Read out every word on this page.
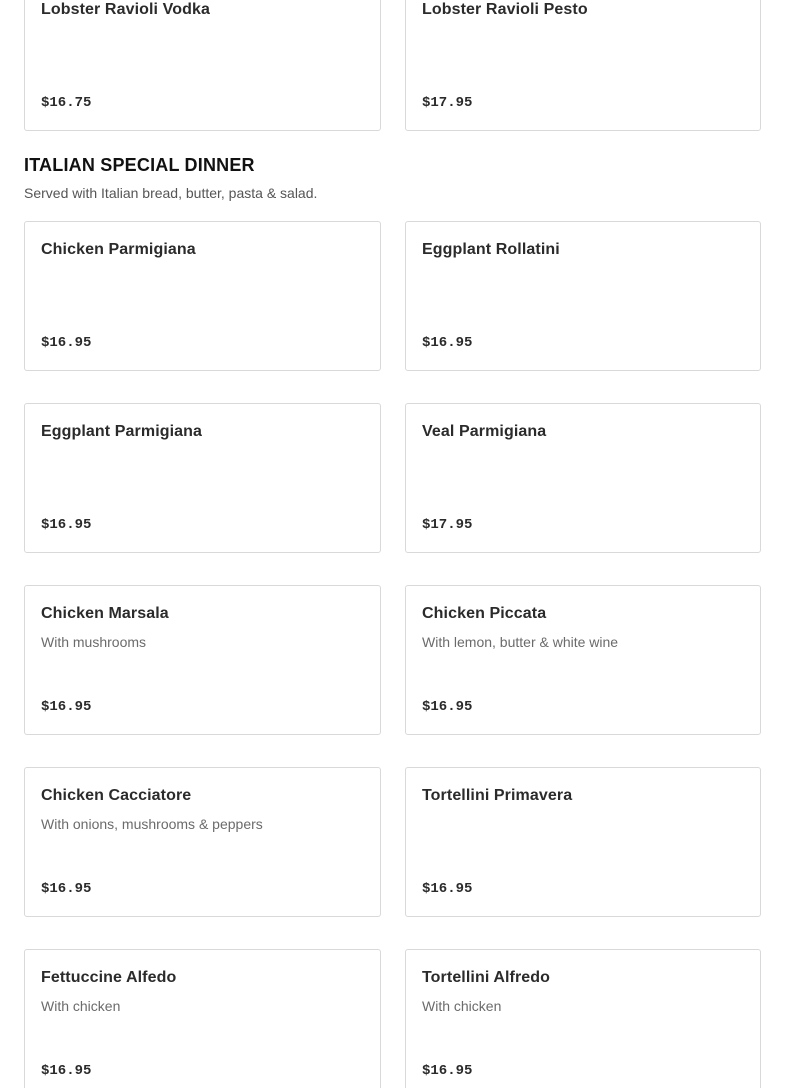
Lobster Ravioli Vodka
$16.75
Lobster Ravioli Pesto
$17.95
ITALIAN SPECIAL DINNER

Served with Italian bread, butter, pasta & salad.

Chicken Parmigiana
$16.95
Eggplant Rollatini
$16.95
Eggplant Parmigiana
$16.95
Veal Parmigiana
$17.95
Chicken Marsala
With mushrooms
$16.95
Chicken Piccata
With lemon, butter & white wine
$16.95
Chicken Cacciatore
With onions, mushrooms & peppers
$16.95
Tortellini Primavera
$16.95
Fettuccine Alfedo
With chicken
$16.95
Tortellini Alfredo
With chicken
$16.95
